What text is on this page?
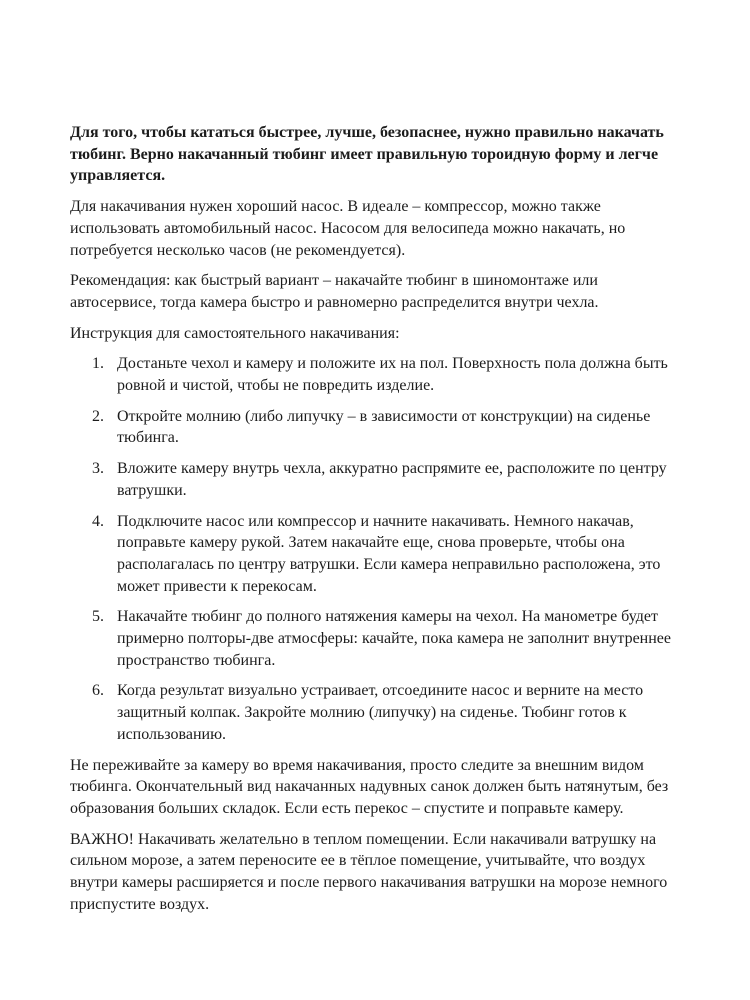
Для того, чтобы кататься быстрее, лучше, безопаснее, нужно правильно накачать тюбинг. Верно накачанный тюбинг имеет правильную тороидную форму и легче управляется.

Для накачивания нужен хороший насос. В идеале – компрессор, можно также использовать автомобильный насос. Насосом для велосипеда можно накачать, но потребуется несколько часов (не рекомендуется).

Рекомендация: как быстрый вариант – накачайте тюбинг в шиномонтаже или автосервисе, тогда камера быстро и равномерно распределится внутри чехла.

Инструкция для самостоятельного накачивания:

1. Достаньте чехол и камеру и положите их на пол. Поверхность пола должна быть ровной и чистой, чтобы не повредить изделие.
2. Откройте молнию (либо липучку – в зависимости от конструкции) на сиденье тюбинга.
3. Вложите камеру внутрь чехла, аккуратно распрямите ее, расположите по центру ватрушки.
4. Подключите насос или компрессор и начните накачивать. Немного накачав, поправьте камеру рукой. Затем накачайте еще, снова проверьте, чтобы она располагалась по центру ватрушки. Если камера неправильно расположена, это может привести к перекосам.
5. Накачайте тюбинг до полного натяжения камеры на чехол. На манометре будет примерно полторы-две атмосферы: качайте, пока камера не заполнит внутреннее пространство тюбинга.
6. Когда результат визуально устраивает, отсоедините насос и верните на место защитный колпак. Закройте молнию (липучку) на сиденье. Тюбинг готов к использованию.

Не переживайте за камеру во время накачивания, просто следите за внешним видом тюбинга. Окончательный вид накачанных надувных санок должен быть натянутым, без образования больших складок. Если есть перекос – спустите и поправьте камеру.

ВАЖНО! Накачивать желательно в теплом помещении. Если накачивали ватрушку на сильном морозе, а затем переносите ее в тёплое помещение, учитывайте, что воздух внутри камеры расширяется и после первого накачивания ватрушки на морозе немного приспустите воздух.
